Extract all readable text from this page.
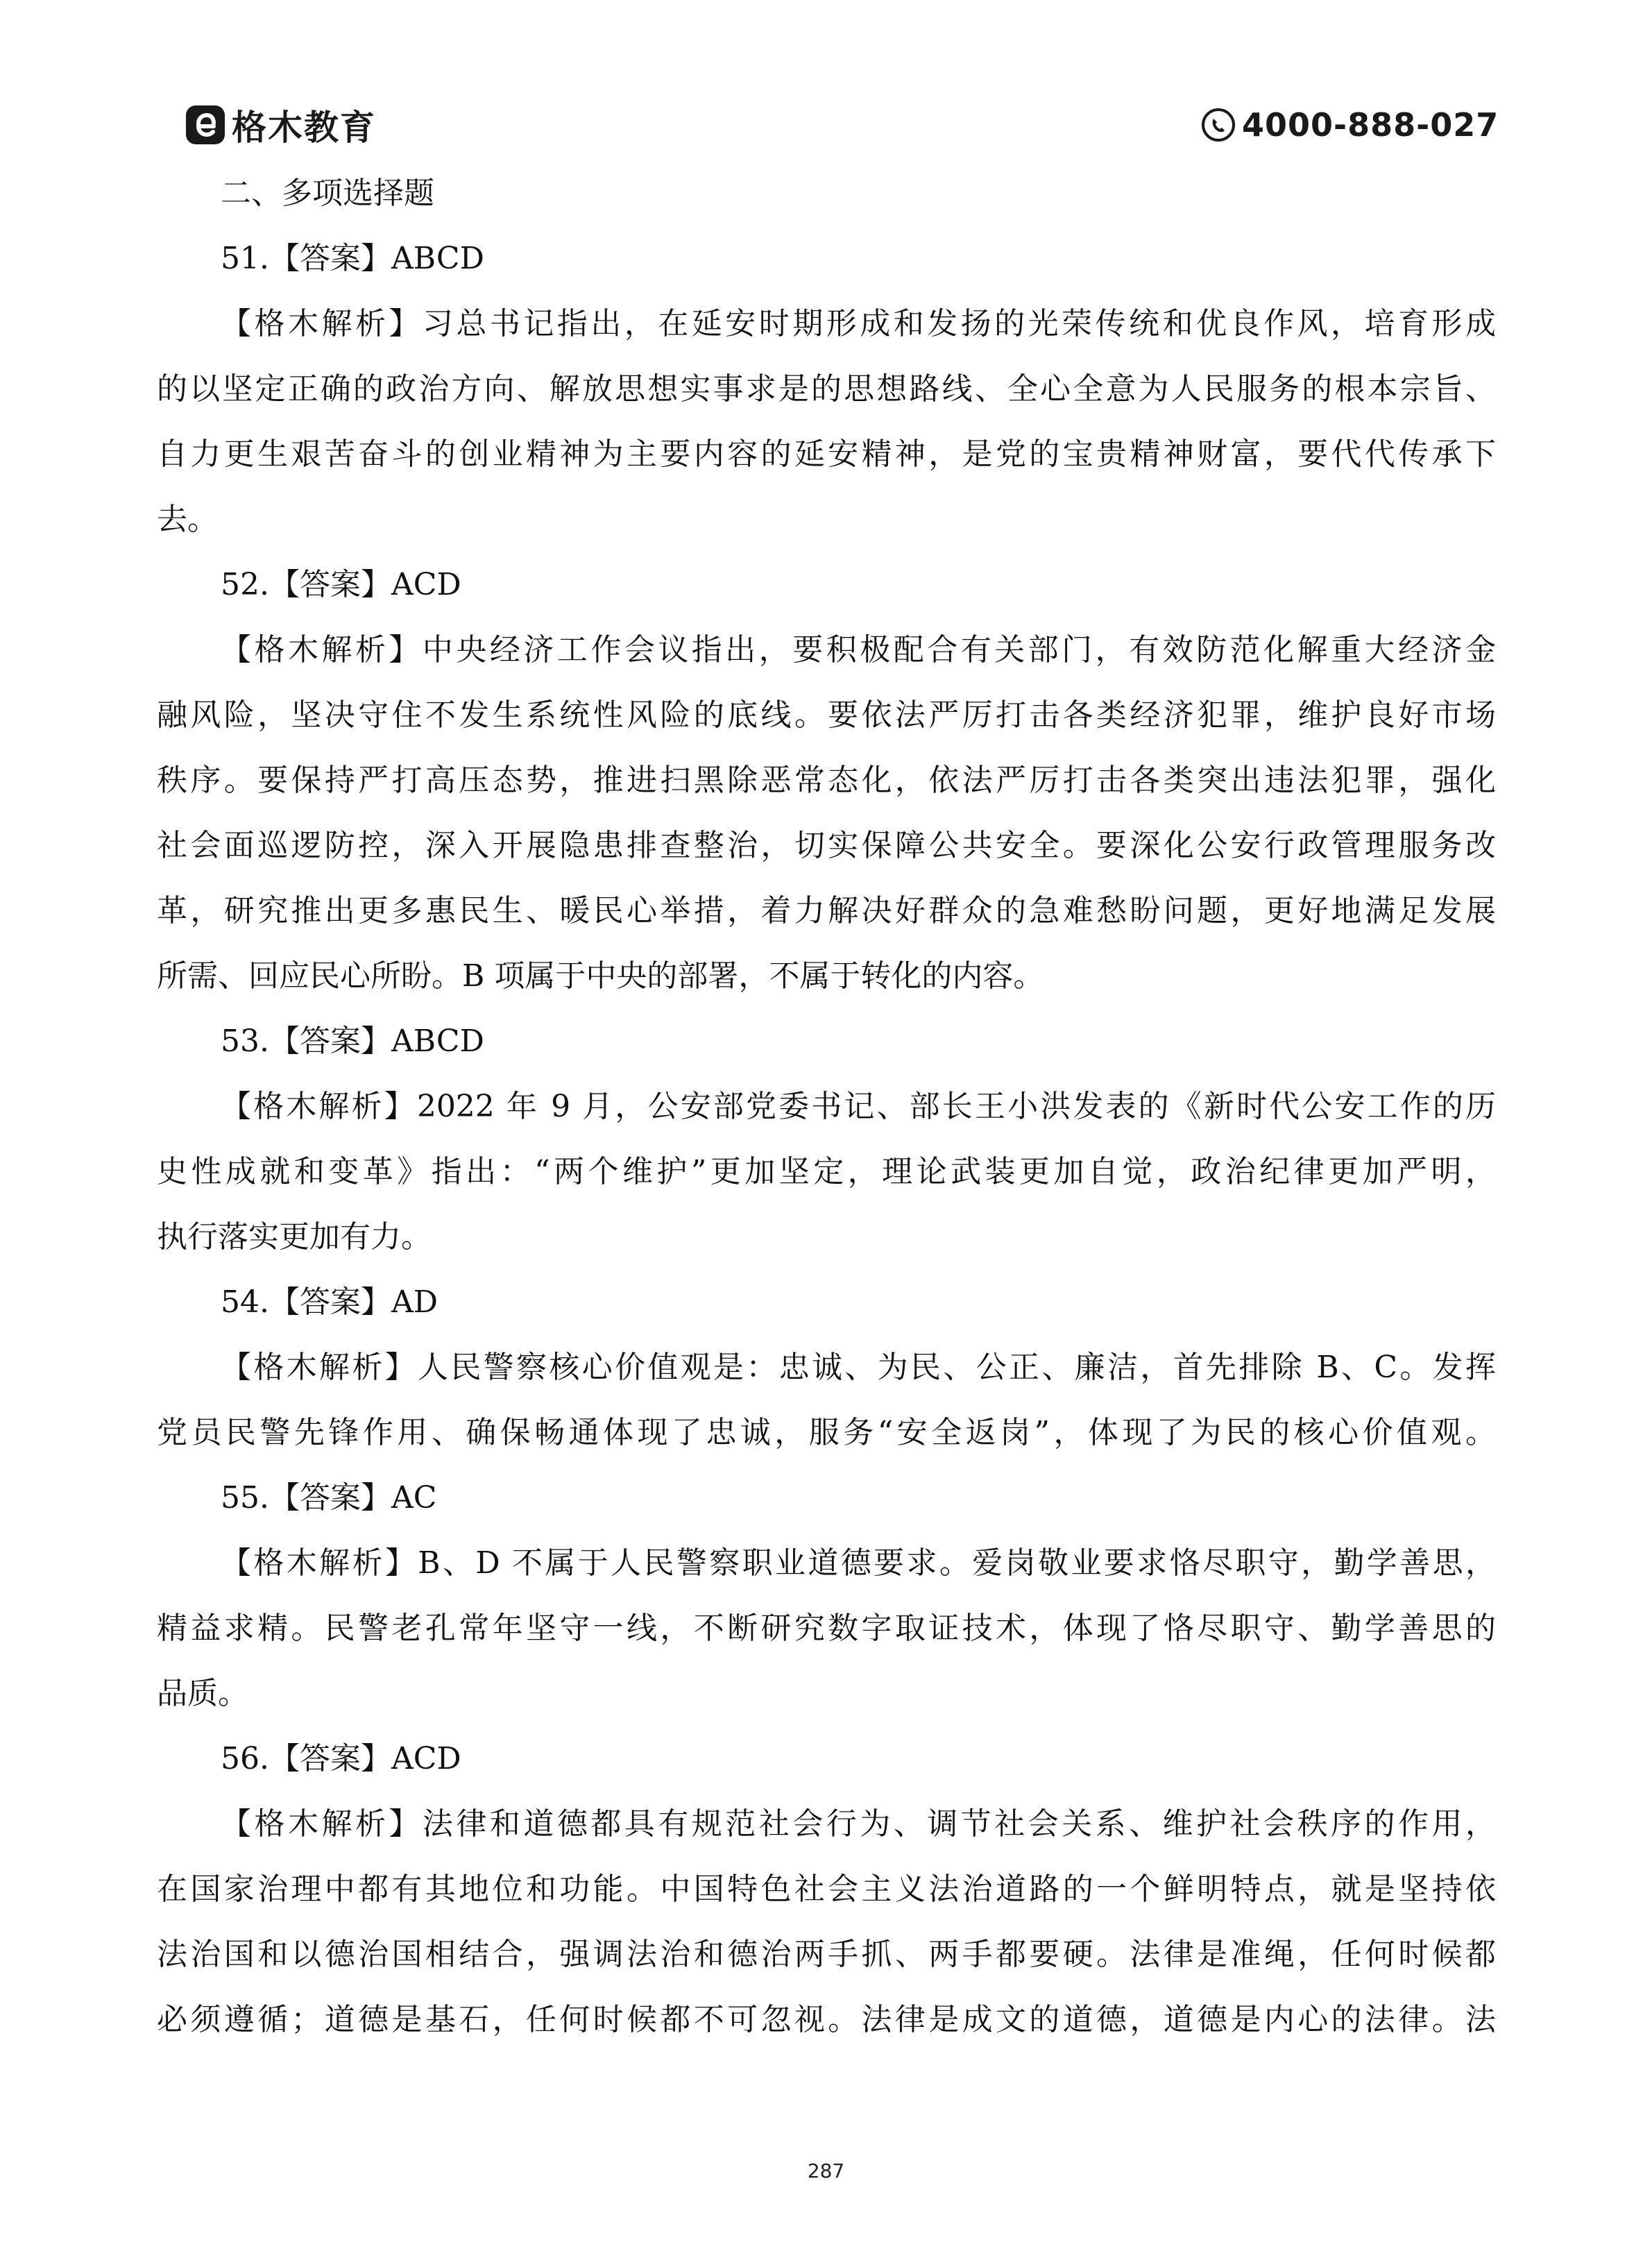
格木教育	4000-888-027
二、多项选择题
51.【答案】ABCD
【格木解析】习总书记指出，在延安时期形成和发扬的光荣传统和优良作风，培育形成
的以坚定正确的政治方向、解放思想实事求是的思想路线、全心全意为人民服务的根本宗旨、
自力更生艰苦奋斗的创业精神为主要内容的延安精神，是党的宝贵精神财富，要代代传承下
去。
52.【答案】ACD
【格木解析】中央经济工作会议指出，要积极配合有关部门，有效防范化解重大经济金
融风险，坚决守住不发生系统性风险的底线。要依法严厉打击各类经济犯罪，维护良好市场
秩序。要保持严打高压态势，推进扫黑除恶常态化，依法严厉打击各类突出违法犯罪，强化
社会面巡逻防控，深入开展隐患排查整治，切实保障公共安全。要深化公安行政管理服务改
革，研究推出更多惠民生、暖民心举措，着力解决好群众的急难愁盼问题，更好地满足发展
所需、回应民心所盼。B 项属于中央的部署，不属于转化的内容。
53.【答案】ABCD
【格木解析】2022 年 9 月，公安部党委书记、部长王小洪发表的《新时代公安工作的历
史性成就和变革》指出：“两个维护”更加坚定，理论武装更加自觉，政治纪律更加严明，
执行落实更加有力。
54.【答案】AD
【格木解析】人民警察核心价值观是：忠诚、为民、公正、廉洁，首先排除 B、C。发挥
党员民警先锋作用、确保畅通体现了忠诚，服务“安全返岗”，体现了为民的核心价值观。
55.【答案】AC
【格木解析】B、D 不属于人民警察职业道德要求。爱岗敬业要求恪尽职守，勤学善思，
精益求精。民警老孔常年坚守一线，不断研究数字取证技术，体现了恪尽职守、勤学善思的
品质。
56.【答案】ACD
【格木解析】法律和道德都具有规范社会行为、调节社会关系、维护社会秩序的作用，
在国家治理中都有其地位和功能。中国特色社会主义法治道路的一个鲜明特点，就是坚持依
法治国和以德治国相结合，强调法治和德治两手抓、两手都要硬。法律是准绳，任何时候都
必须遵循；道德是基石，任何时候都不可忽视。法律是成文的道德，道德是内心的法律。法
287
